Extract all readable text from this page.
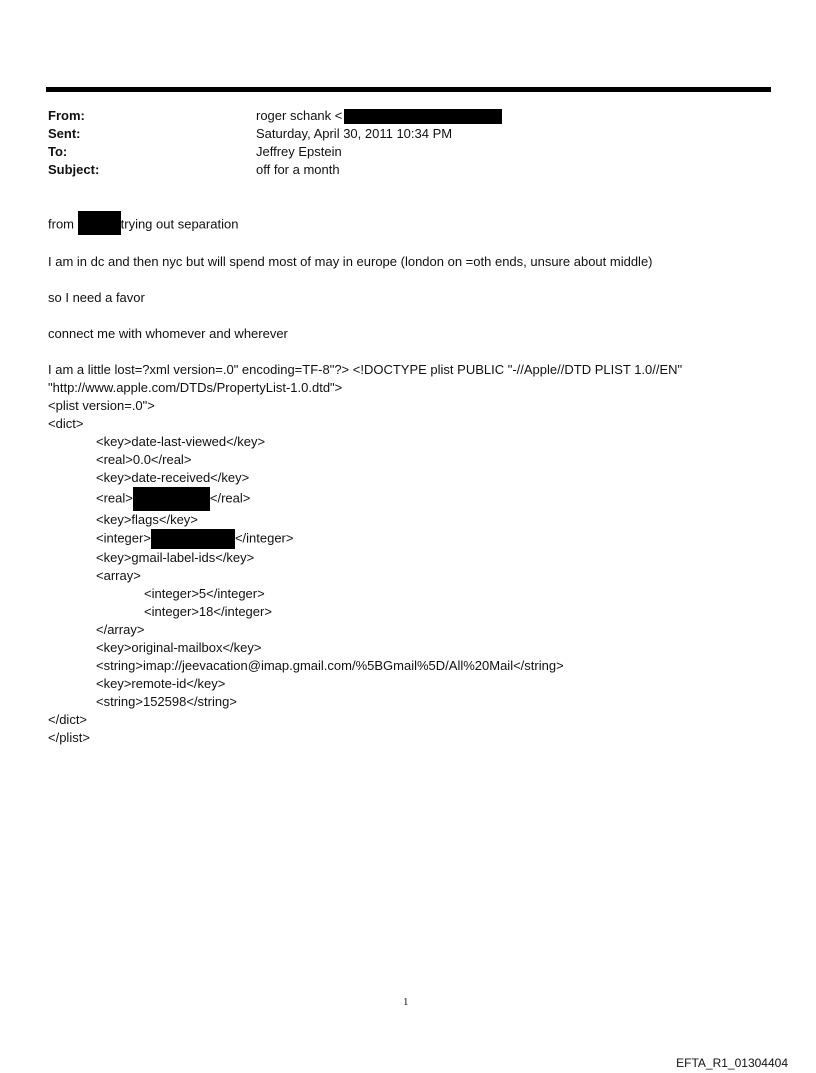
From:	roger schank <
Sent:	Saturday, April 30, 2011 10:34 PM
To:	Jeffrey Epstein
Subject:	off for a month

from	trying out separation

I am in dc and then nyc but will spend most of may in europe (london on =oth ends, unsure about middle)

so I need a favor

connect me with whomever and wherever

I am a little lost=?xml version=.0" encoding=TF-8"?> <!DOCTYPE plist PUBLIC "-//Apple//DTD PLIST 1.0//EN"
"http://www.apple.com/DTDs/PropertyList-1.0.dtd">
<plist version=.0">
<dict>
<key>date-last-viewed</key>
<real>0.0</real>
<key>date-received</key>
<real>	</real>
<key>flags</key>
<integer>	</integer>
<key>gmail-label-ids</key>
<array>
<integer>5</integer>
<integer>18</integer>
</array>
<key>original-mailbox</key>
<string>imap://jeevacation@imap.gmail.com/%5BGmail%5D/All%20Mail</string>
<key>remote-id</key>
<string>152598</string>
</dict>
</plist>
1
EFTA_R1_01304404
